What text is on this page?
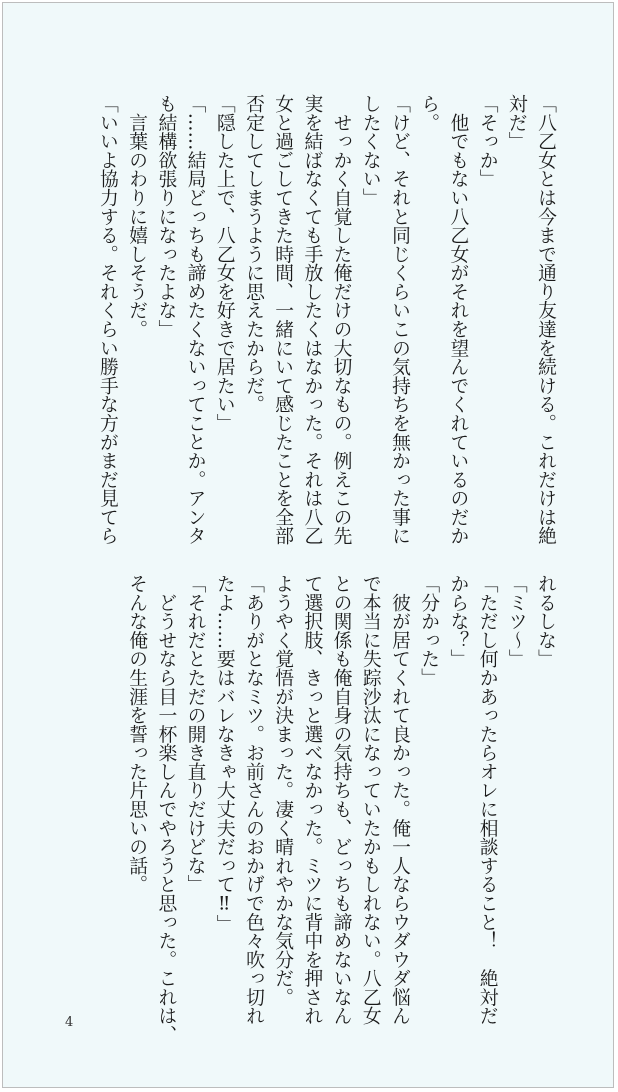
「八乙女とは今まで通り友達を続ける。これだけは絶
対だ」
「そっか」
　他でもない八乙女がそれを望んでくれているのだか
ら。
「けど、それと同じくらいこの気持ちを無かった事に
したくない」
　せっかく自覚した俺だけの大切なもの。例えこの先
実を結ばなくても手放したくはなかった。それは八乙
女と過ごしてきた時間、一緒にいて感じたことを全部
否定してしまうように思えたからだ。
「隠した上で、八乙女を好きで居たい」
「……結局どっちも諦めたくないってことか。アンタ
も結構欲張りになったよな」
　言葉のわりに嬉しそうだ。
「いいよ協力する。それくらい勝手な方がまだ見てら
れるしな」
「ミツ～」
「ただし何かあったらオレに相談すること！　絶対だ
からな？」
「分かった」
　彼が居てくれて良かった。俺一人ならウダウダ悩ん
で本当に失踪沙汰になっていたかもしれない。八乙女
との関係も俺自身の気持ちも、どっちも諦めないなん
て選択肢、きっと選べなかった。ミツに背中を押され
ようやく覚悟が決まった。凄く晴れやかな気分だ。
「ありがとなミツ。お前さんのおかげで色々吹っ切れ
たよ……要はバレなきゃ大丈夫だって‼」
「それだとただの開き直りだけどな」
　どうせなら目一杯楽しんでやろうと思った。これは、
そんな俺の生涯を誓った片思いの話。
4
